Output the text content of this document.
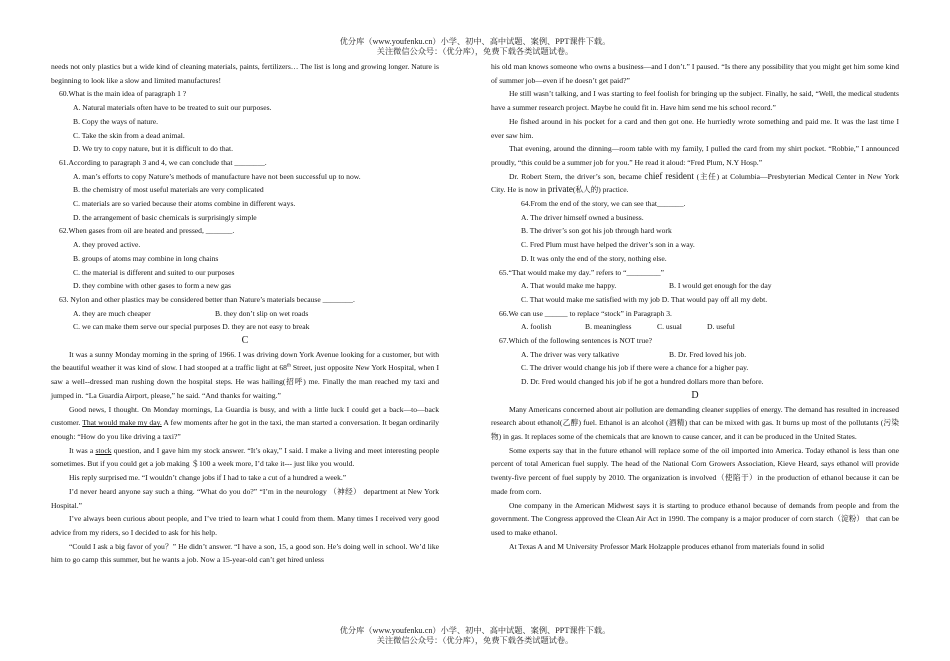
优分库（www.youfenku.cn）小学、初中、高中试题、案例、PPT课件下载。
关注微信公众号：（优分库），免费下载各类试题试卷。

needs not only plastics but a wide kind of cleaning materials, paints, fertilizers… The list is long and growing longer. Nature is beginning to look like a slow and limited manufactures!

60.What is the main idea of paragraph 1 ?

A. Natural materials often have to be treated to suit our purposes.

B. Copy the ways of nature.

C. Take the skin from a dead animal.

D. We try to copy nature, but it is difficult to do that.

61.According to paragraph 3 and 4, we can conclude that ________.

A. man’s efforts to copy Nature’s methods of manufacture have not been successful up to now.

B. the chemistry of most useful materials are very complicated

C. materials are so varied because their atoms combine in different ways.

D. the arrangement of basic chemicals is surprisingly simple

62.When gases from oil are heated and pressed, _______.

A. they proved active.

B. groups of atoms may combine in long chains

C. the material is different and suited to our purposes

D. they combine with other gases to form a new gas

63. Nylon and other plastics may be considered better than Nature’s materials because ________.

A. they are much cheaper	B. they don’t slip on wet roads

C. we can make them serve our special purposes D. they are not easy to break

C

It was a sunny Monday morning in the spring of 1966. I was driving down York Avenue looking for a customer, but with the beautiful weather it was kind of slow. I had stooped at a traffic light at 68th Street, just opposite New York Hospital, when I saw a well--dressed man rushing down the hospital steps. He was hailing(招呼) me. Finally the man reached my taxi and jumped in. “La Guardia Airport, please,” he said. “And thanks for waiting.”

Good news, I thought. On Monday mornings, La Guardia is busy, and with a little luck I could get a back—to—back customer. That would make my day. A few moments after he got in the taxi, the man started a conversation. It began ordinarily enough: “How do you like driving a taxi?”

It was a stock question, and I gave him my stock answer. “It’s okay,” I said. I make a living and meet interesting people sometimes. But if you could get a job making ＄100 a week more, I’d take it--- just like you would.

His reply surprised me. “I wouldn’t change jobs if I had to take a cut of a hundred a week.”

I’d never heard anyone say such a thing. “What do you do?” “I’m in the neurology （神经） department at New York Hospital.”

I’ve always been curious about people, and I’ve tried to learn what I could from them. Many times I received very good advice from my riders, so I decided to ask for his help.

“Could I ask a big favor of you？” He didn’t answer. “I have a son, 15, a good son. He’s doing well in school. We’d like him to go camp this summer, but he wants a job. Now a 15-year-old can’t get hired unless

his old man knows someone who owns a business—and I don’t.” I paused. “Is there any possibility that you might get him some kind of summer job—even if he doesn’t get paid?”

He still wasn’t talking, and I was starting to feel foolish for bringing up the subject. Finally, he said, “Well, the medical students have a summer research project. Maybe he could fit in. Have him send me his school record.”

He fished around in his pocket for a card and then got one. He hurriedly wrote something and paid me. It was the last time I ever saw him.

That evening, around the dinning—room table with my family, I pulled the card from my shirt pocket. “Robbie,” I announced proudly, “this could be a summer job for you.” He read it aloud: “Fred Plum, N.Y Hosp.”

Dr. Robert Stern, the driver’s son, became chief resident (主任) at Columbia—Presbyterian Medical Center in New York City. He is now in private(私人的) practice.

64.From the end of the story, we can see that_______.

A. The driver himself owned a business.

B. The driver’s son got his job through hard work

C. Fred Plum must have helped the driver’s son in a way.

D. It was only the end of the story, nothing else.

65.“That would make my day.” refers to “_________”

A. That would make me happy.	B. I would get enough for the day

C. That would make me satisfied with my job D. That would pay off all my debt.

66.We can use ______ to replace “stock” in Paragraph 3.

A. foolish	B. meaningless	C. usual	D. useful

67.Which of the following sentences is NOT true?

A. The driver was very talkative	B. Dr. Fred loved his job.

C. The driver would change his job if there were a chance for a higher pay.

D. Dr. Fred would changed his job if he got a hundred dollars more than before.

D

Many Americans concerned about air pollution are demanding cleaner supplies of energy. The demand has resulted in increased research about ethanol(乙醇) fuel. Ethanol is an alcohol (酒精) that can be mixed with gas. It burns up most of the pollutants (污染物) in gas. It replaces some of the chemicals that are known to cause cancer, and it can be produced in the United States.

Some experts say that in the future ethanol will replace some of the oil imported into America. Today ethanol is less than one percent of total American fuel supply. The head of the National Corn Growers Association, Kieve Heard, says ethanol will provide twenty-five percent of fuel supply by 2010. The organization is involved（使陷于）in the production of ethanol because it can be made from corn.

One company in the American Midwest says it is starting to produce ethanol because of demands from people and from the government. The Congress approved the Clean Air Act in 1990. The company is a major producer of corn starch（淀粉） that can be used to make ethanol.

At Texas A and M University Professor Mark Holzapple produces ethanol from materials found in solid

优分库（www.youfenku.cn）小学、初中、高中试题、案例、PPT课件下载。
关注微信公众号：（优分库），免费下载各类试题试卷。
